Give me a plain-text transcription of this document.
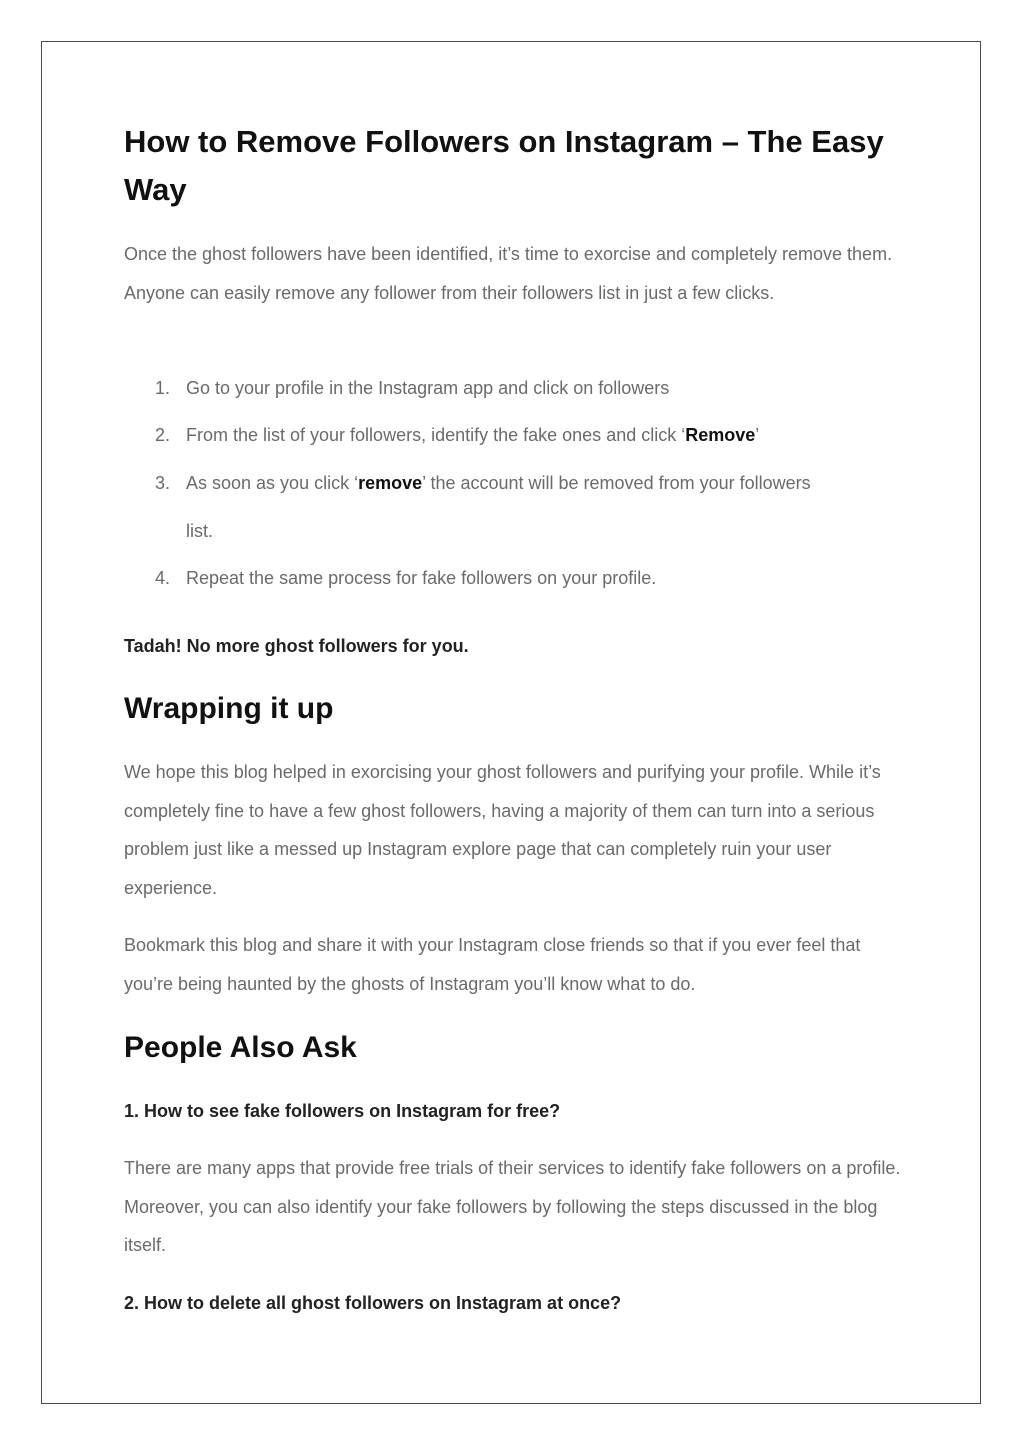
How to Remove Followers on Instagram – The Easy Way

Once the ghost followers have been identified, it’s time to exorcise and completely remove them. Anyone can easily remove any follower from their followers list in just a few clicks.

1. Go to your profile in the Instagram app and click on followers
2. From the list of your followers, identify the fake ones and click ‘Remove’
3. As soon as you click ‘remove’ the account will be removed from your followers
list.
4. Repeat the same process for fake followers on your profile.

Tadah! No more ghost followers for you.

Wrapping it up

We hope this blog helped in exorcising your ghost followers and purifying your profile. While it’s completely fine to have a few ghost followers, having a majority of them can turn into a serious problem just like a messed up Instagram explore page that can completely ruin your user experience.

Bookmark this blog and share it with your Instagram close friends so that if you ever feel that you’re being haunted by the ghosts of Instagram you’ll know what to do.

People Also Ask

1. How to see fake followers on Instagram for free?

There are many apps that provide free trials of their services to identify fake followers on a profile. Moreover, you can also identify your fake followers by following the steps discussed in the blog itself.

2. How to delete all ghost followers on Instagram at once?
